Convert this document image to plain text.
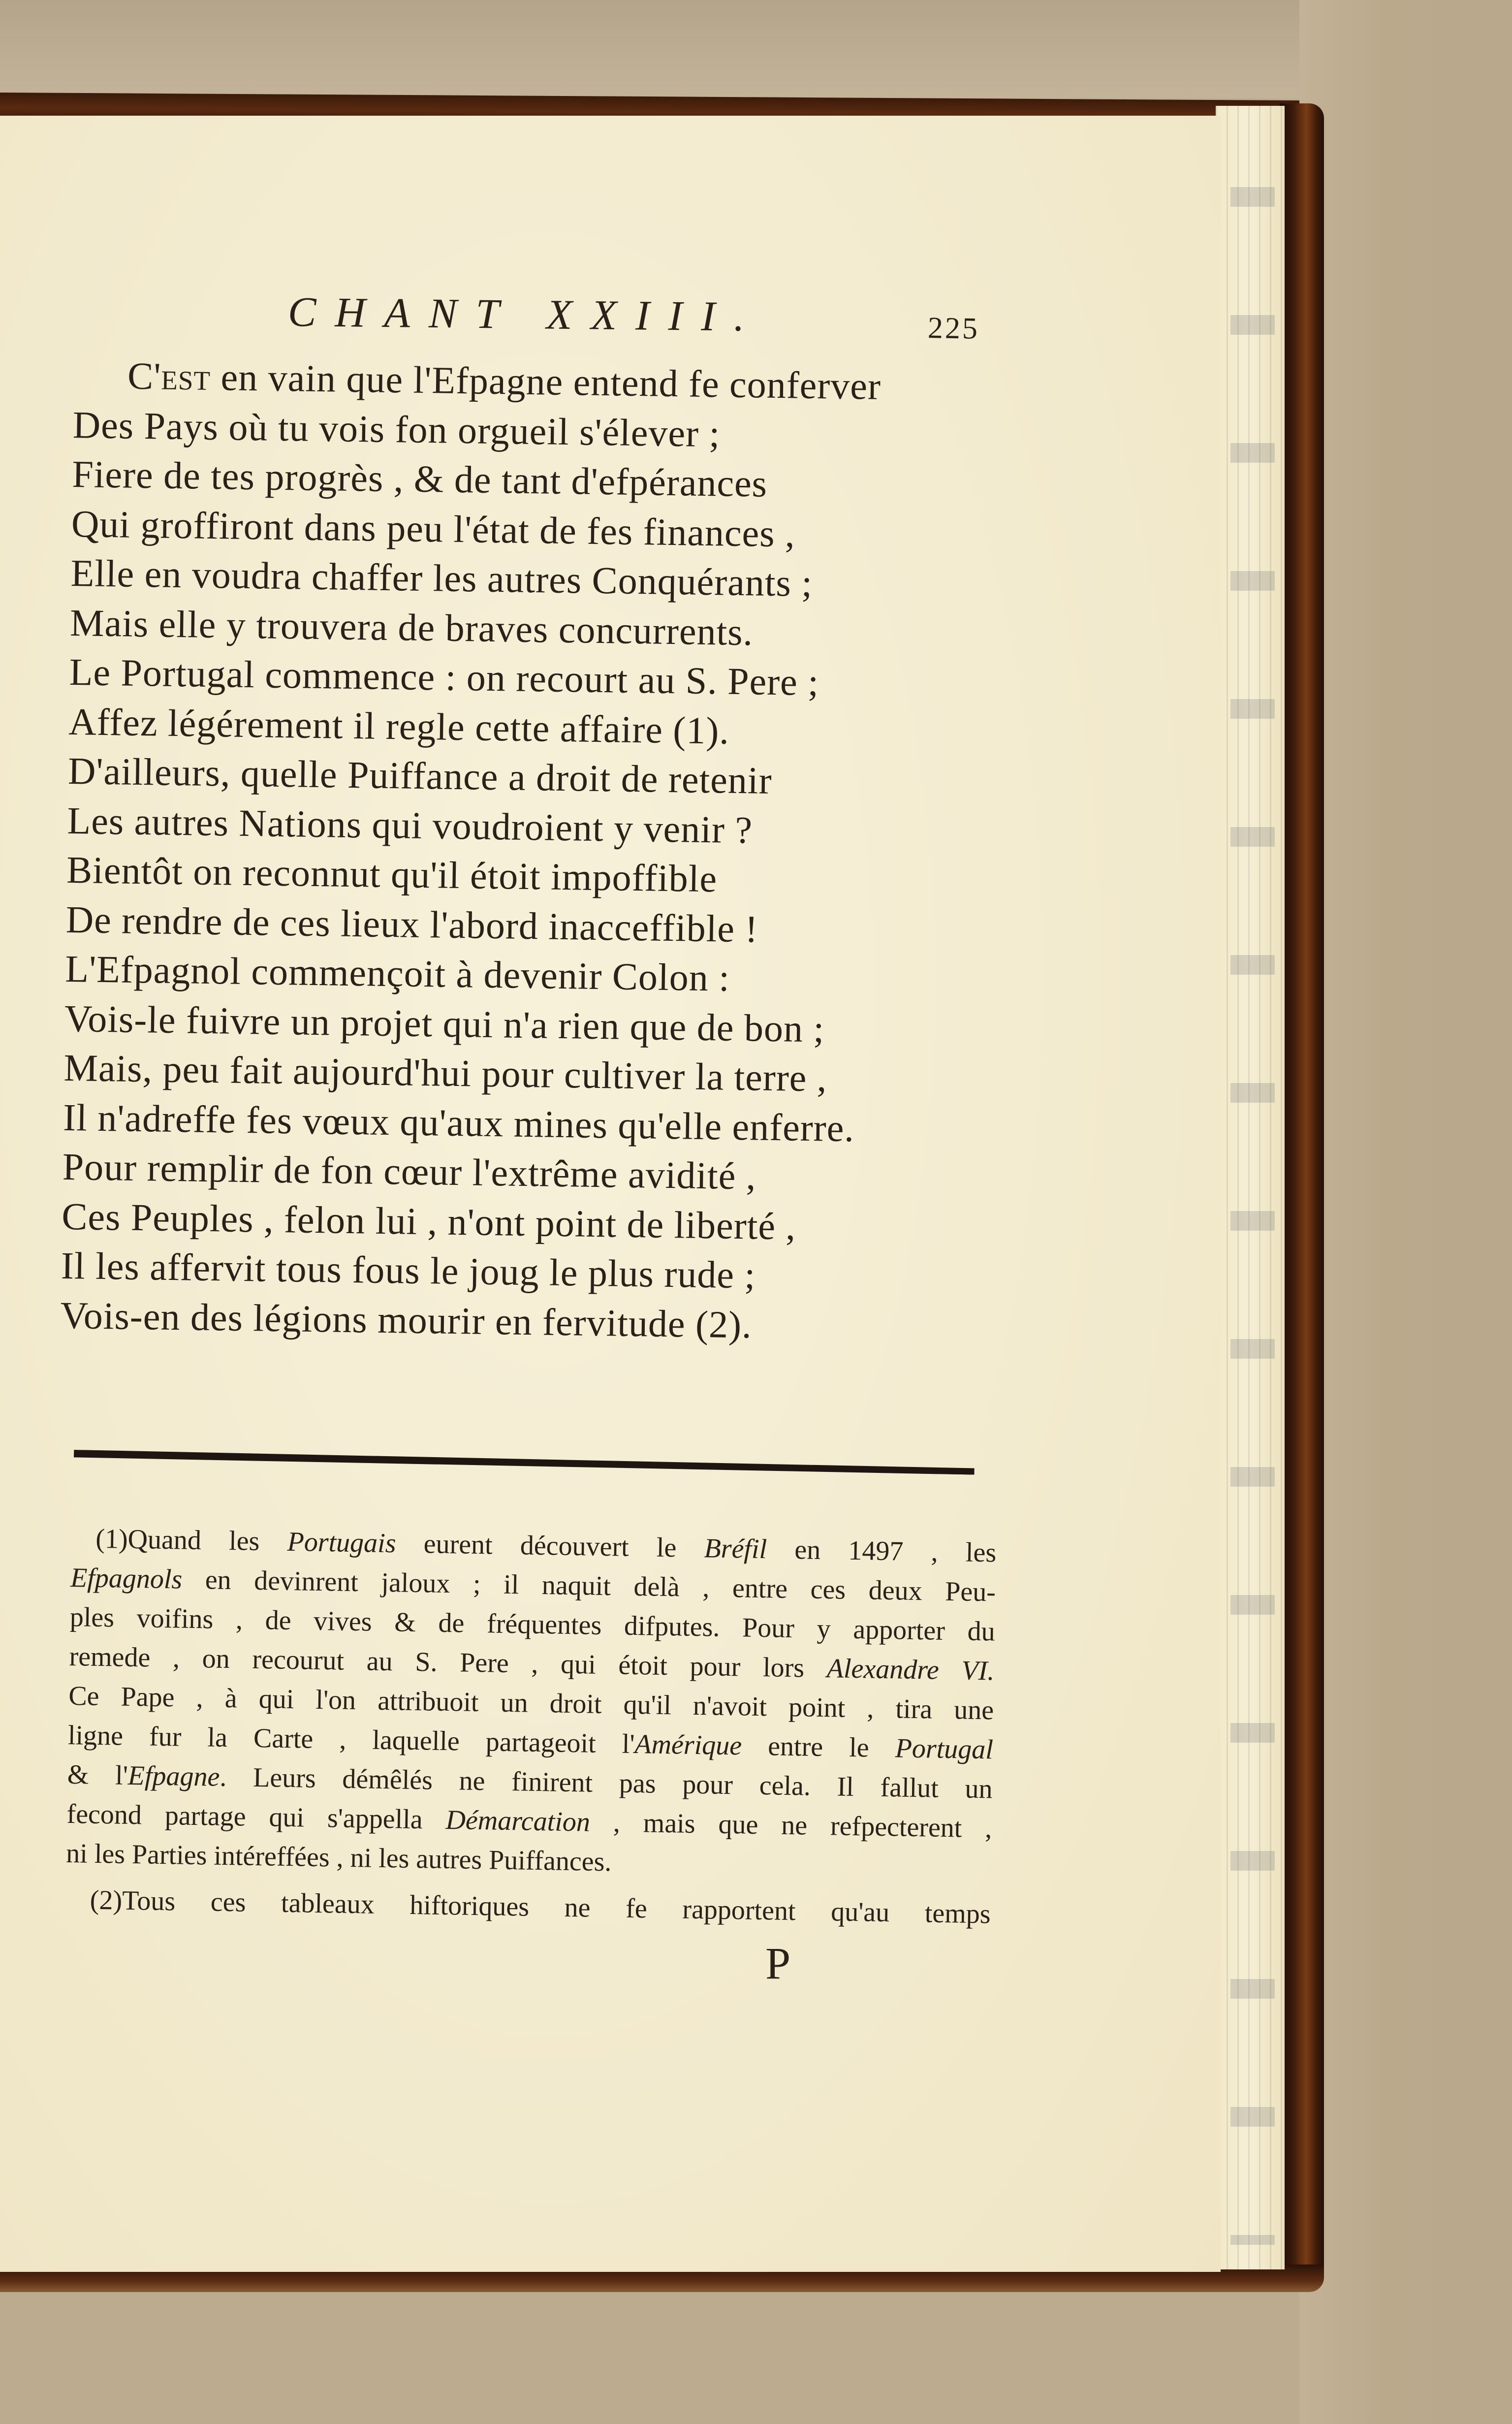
CHANT XXIII.	225
C'est en vain que l'Efpagne entend fe conferver
Des Pays où tu vois fon orgueil s'élever ;
Fiere de tes progrès , & de tant d'efpérances
Qui groffiront dans peu l'état de fes finances ,
Elle en voudra chaffer les autres Conquérants ;
Mais elle y trouvera de braves concurrents.
Le Portugal commence : on recourt au S. Pere ;
Affez légérement il regle cette affaire (1).
D'ailleurs, quelle Puiffance a droit de retenir
Les autres Nations qui voudroient y venir ?
Bientôt on reconnut qu'il étoit impoffible
De rendre de ces lieux l'abord inacceffible !
L'Efpagnol commençoit à devenir Colon :
Vois-le fuivre un projet qui n'a rien que de bon ;
Mais, peu fait aujourd'hui pour cultiver la terre ,
Il n'adreffe fes vœux qu'aux mines qu'elle enferre.
Pour remplir de fon cœur l'extrême avidité ,
Ces Peuples , felon lui , n'ont point de liberté ,
Il les affervit tous fous le joug le plus rude ;
Vois-en des légions mourir en fervitude (2).
(1)Quand les Portugais eurent découvert le Bréfil en 1497 , les
Efpagnols en devinrent jaloux ; il naquit delà , entre ces deux Peu-
ples voifins , de vives & de fréquentes difputes. Pour y apporter du
remede , on recourut au S. Pere , qui étoit pour lors Alexandre VI.
Ce Pape , à qui l'on attribuoit un droit qu'il n'avoit point , tira une
ligne fur la Carte , laquelle partageoit l'Amérique entre le Portugal
& l'Efpagne. Leurs démêlés ne finirent pas pour cela. Il fallut un
fecond partage qui s'appella Démarcation , mais que ne refpecterent ,
ni les Parties intéreffées , ni les autres Puiffances.
(2)Tous ces tableaux hiftoriques ne fe rapportent qu'au temps
P
